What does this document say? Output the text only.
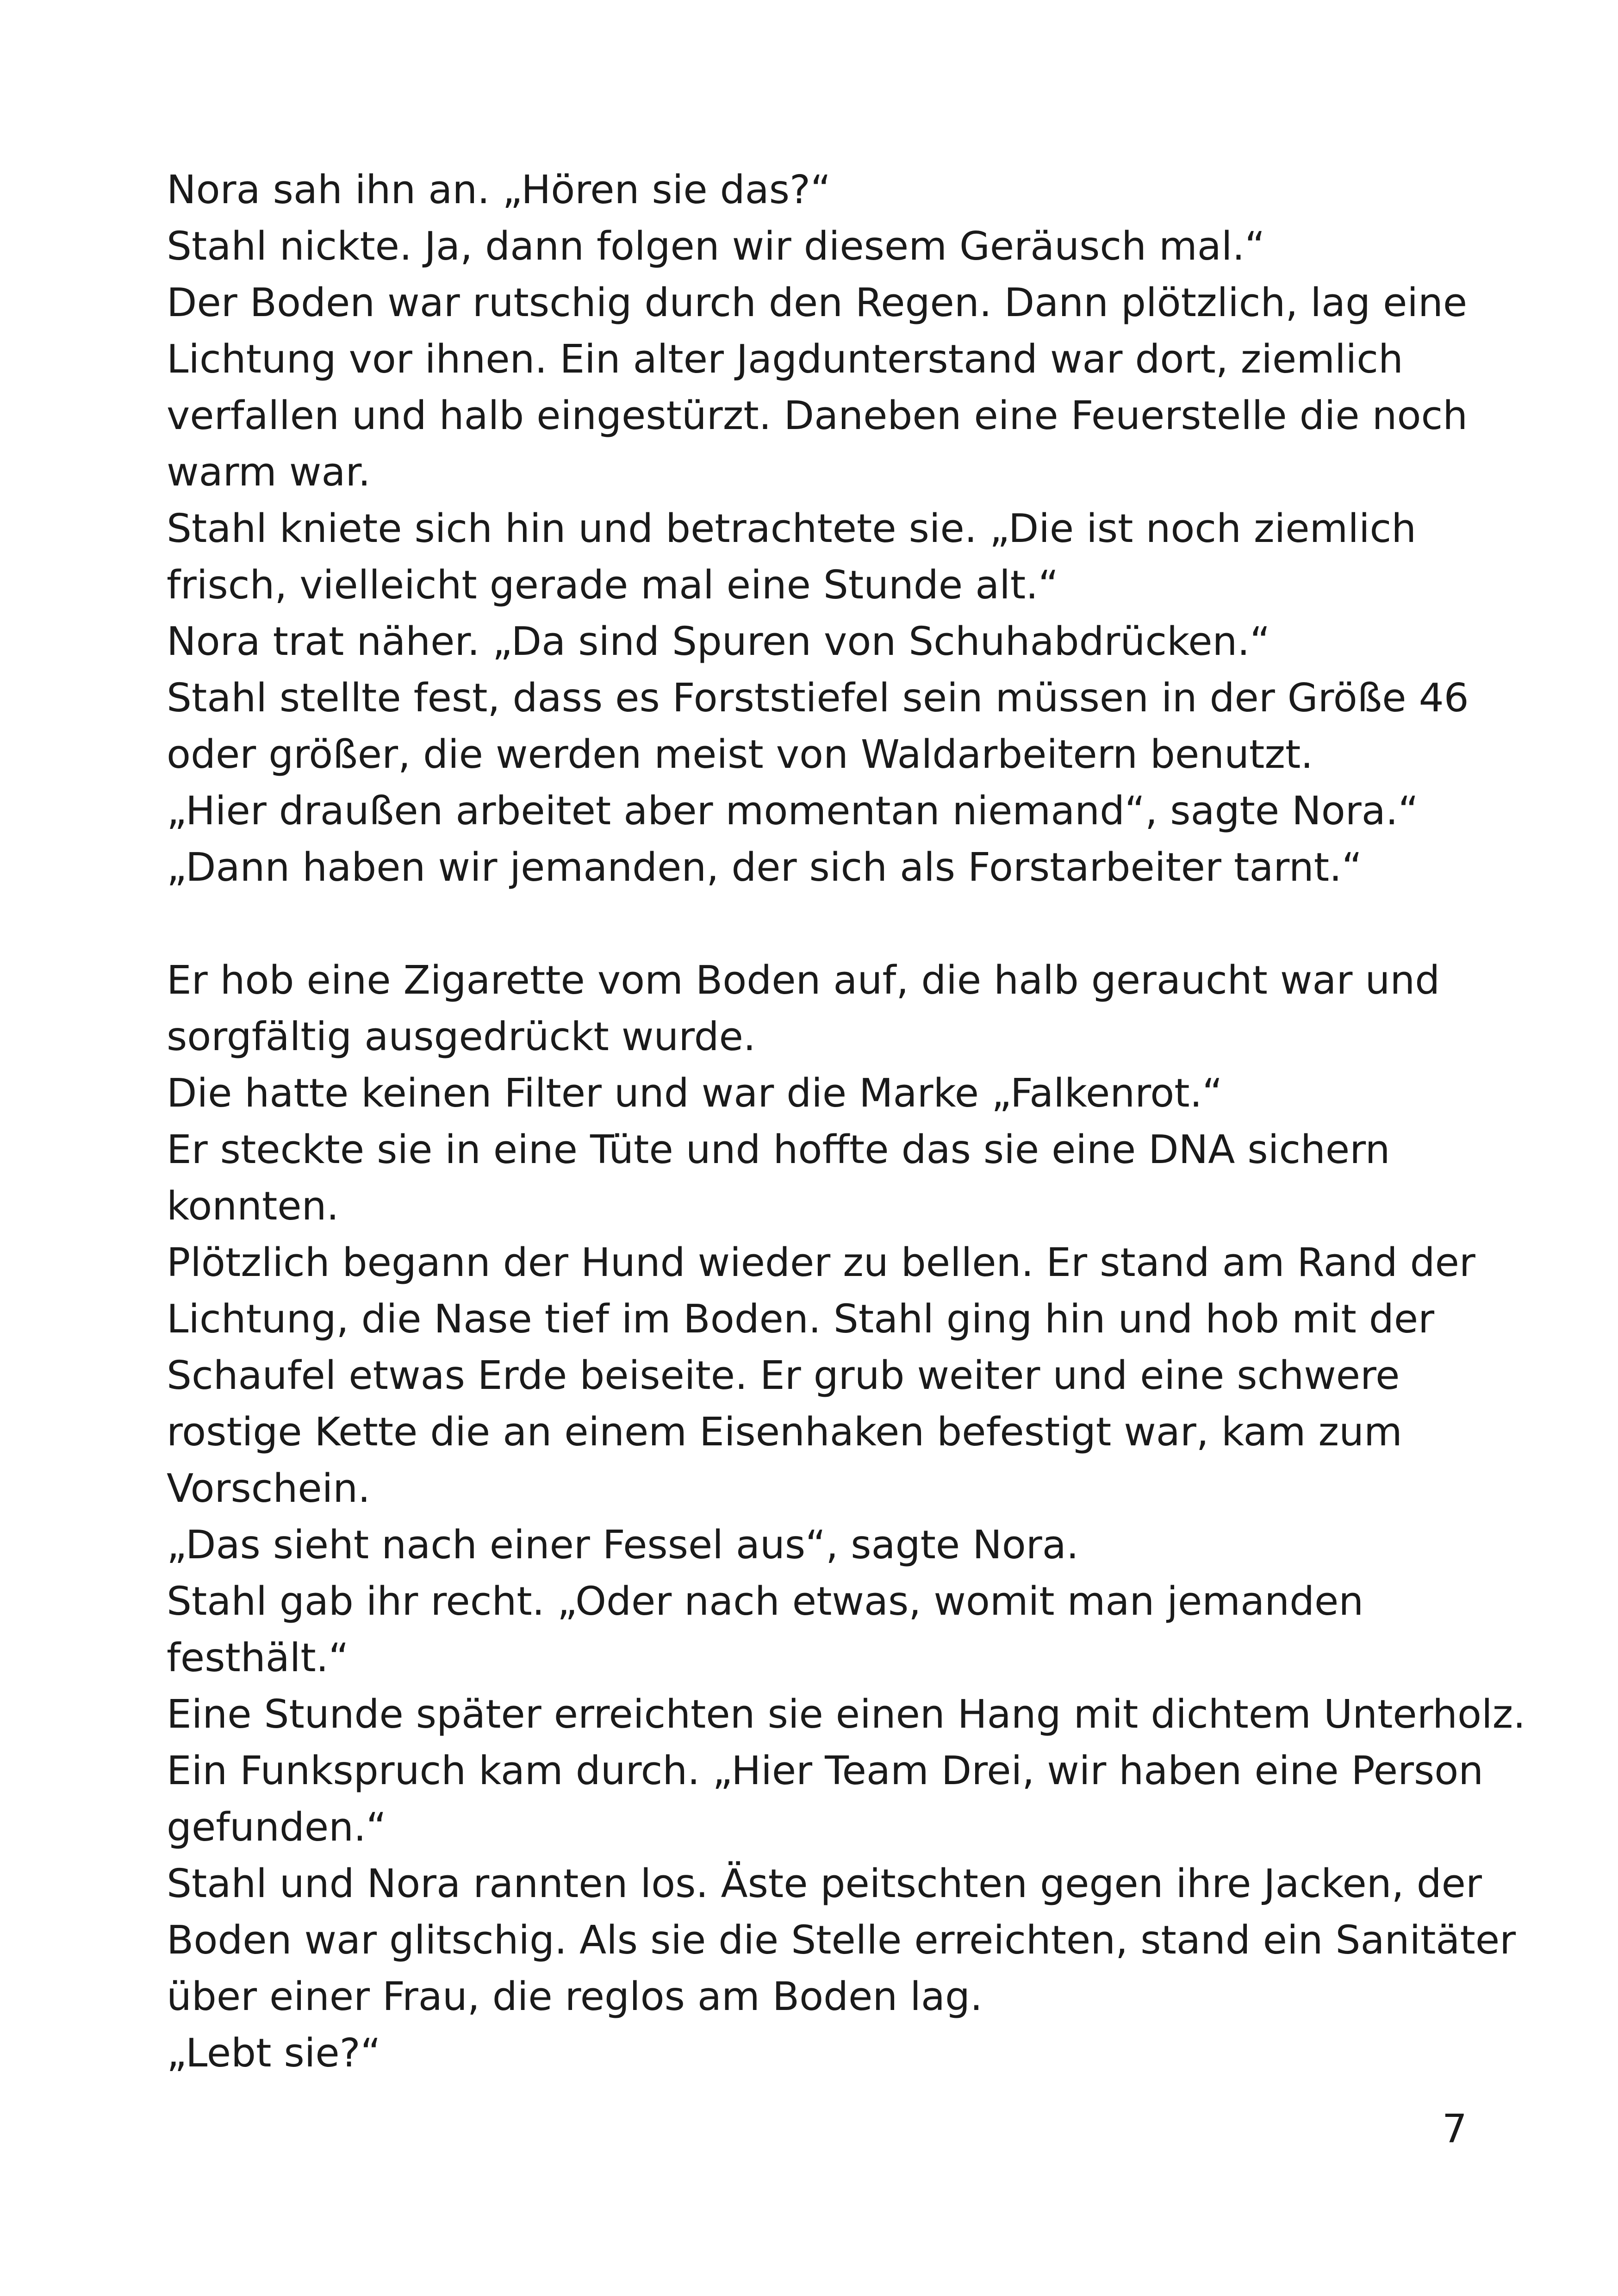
Nora sah ihn an. „Hören sie das?“
Stahl nickte. Ja, dann folgen wir diesem Geräusch mal.“
Der Boden war rutschig durch den Regen. Dann plötzlich, lag eine
Lichtung vor ihnen. Ein alter Jagdunterstand war dort, ziemlich
verfallen und halb eingestürzt. Daneben eine Feuerstelle die noch
warm war.
Stahl kniete sich hin und betrachtete sie. „Die ist noch ziemlich
frisch, vielleicht gerade mal eine Stunde alt.“
Nora trat näher. „Da sind Spuren von Schuhabdrücken.“
Stahl stellte fest, dass es Forststiefel sein müssen in der Größe 46
oder größer, die werden meist von Waldarbeitern benutzt.
„Hier draußen arbeitet aber momentan niemand“, sagte Nora.“
„Dann haben wir jemanden, der sich als Forstarbeiter tarnt.“
Er hob eine Zigarette vom Boden auf, die halb geraucht war und
sorgfältig ausgedrückt wurde.
Die hatte keinen Filter und war die Marke „Falkenrot.“
Er steckte sie in eine Tüte und hoffte das sie eine DNA sichern
konnten.
Plötzlich begann der Hund wieder zu bellen. Er stand am Rand der
Lichtung, die Nase tief im Boden. Stahl ging hin und hob mit der
Schaufel etwas Erde beiseite. Er grub weiter und eine schwere
rostige Kette die an einem Eisenhaken befestigt war, kam zum
Vorschein.
„Das sieht nach einer Fessel aus“, sagte Nora.
Stahl gab ihr recht. „Oder nach etwas, womit man jemanden
festhält.“
Eine Stunde später erreichten sie einen Hang mit dichtem Unterholz.
Ein Funkspruch kam durch. „Hier Team Drei, wir haben eine Person
gefunden.“
Stahl und Nora rannten los. Äste peitschten gegen ihre Jacken, der
Boden war glitschig. Als sie die Stelle erreichten, stand ein Sanitäter
über einer Frau, die reglos am Boden lag.
„Lebt sie?“
7
